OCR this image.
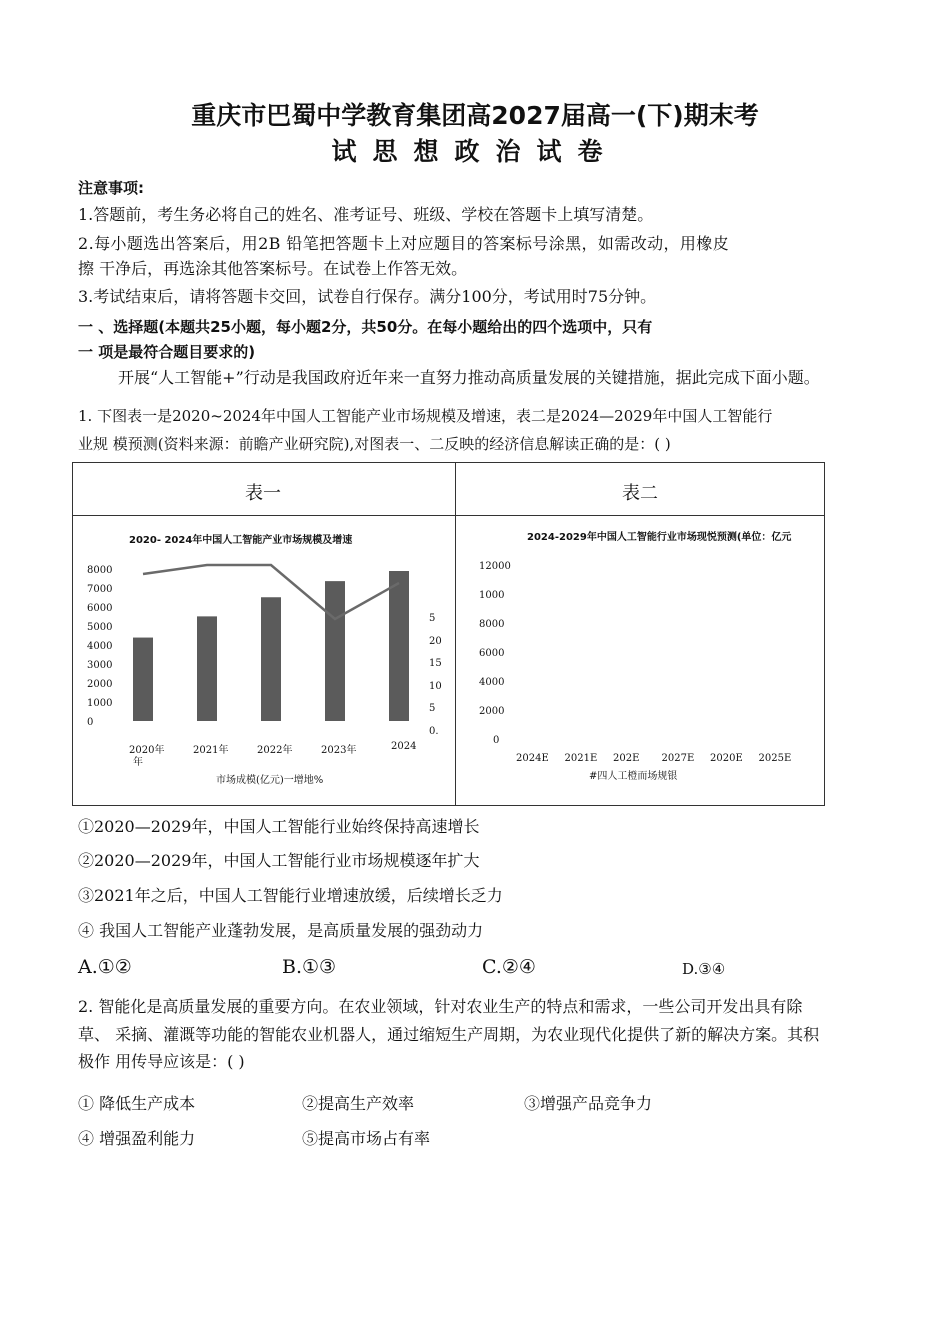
重庆市巴蜀中学教育集团高2027届高一(下)期末考
试思想政治试卷
注意事项:
1.答题前，考生务必将自己的姓名、准考证号、班级、学校在答题卡上填写清楚。
2.每小题选出答案后，用2B 铅笔把答题卡上对应题目的答案标号涂黑，如需改动，用橡皮
擦 干净后，再选涂其他答案标号。在试卷上作答无效。
3.考试结束后，请将答题卡交回，试卷自行保存。满分100分，考试用时75分钟。
一 、选择题(本题共25小题，每小题2分，共50分。在每小题给出的四个选项中，只有
一 项是最符合题目要求的)
开展“人工智能+”行动是我国政府近年来一直努力推动高质量发展的关键措施，据此完成下面小题。
1. 下图表一是2020~2024年中国人工智能产业市场规模及增速，表二是2024—2029年中国人工智能行
业规 模预测(资料来源：前瞻产业研究院),对图表一、二反映的经济信息解读正确的是：( )
表一	表二
2020- 2024年中国人工智能产业市场规模及增速
8000
7000
6000
5000
4000
3000
2000
1000
0
5
20
15
10
5
0.
2020年	2021年	2022年	2023年	2024
年
市场成模(亿元)一增地%
2024-2029年中国人工智能行业市场现悦预测(单位：亿元
12000
1000
8000
6000
4000
2000
0
2024E 2021E 202E 2027E 2020E 2025E
#四人工橙而场规银
①2020—2029年，中国人工智能行业始终保持高速增长
②2020—2029年，中国人工智能行业市场规模逐年扩大
③2021年之后，中国人工智能行业增速放缓，后续增长乏力
④ 我国人工智能产业蓬勃发展，是高质量发展的强劲动力
A.①②	B.①③	C.②④	D.③④
2. 智能化是高质量发展的重要方向。在农业领域，针对农业生产的特点和需求，一些公司开发出具有除
草、 采摘、灌溉等功能的智能农业机器人，通过缩短生产周期，为农业现代化提供了新的解决方案。其积
极作 用传导应该是：( )
① 降低生产成本	②提高生产效率	③增强产品竞争力
④ 增强盈利能力	⑤提高市场占有率
